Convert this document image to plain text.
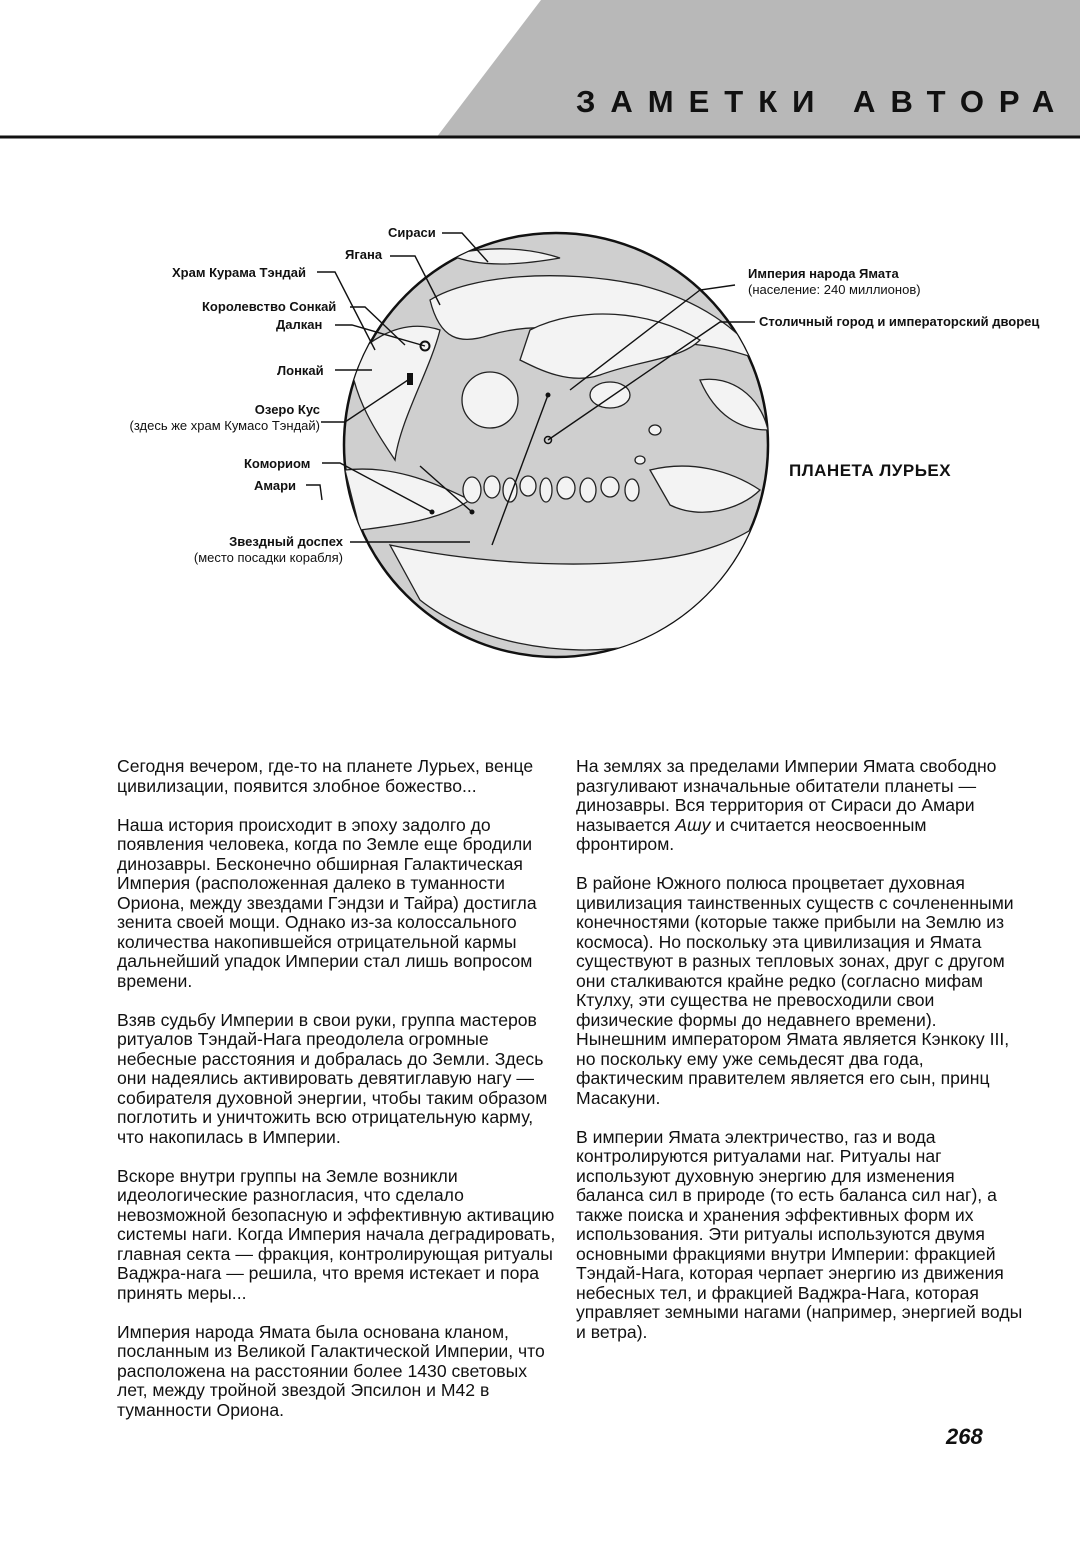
ЗАМЕТКИ АВТОРА
Сираси
Ягана
Храм Курама Тэндай
Королевство Сонкай
Далкан
Лонкай
Озеро Кус
(здесь же храм Кумасо Тэндай)
Комориом
Амари
Звездный доспех
(место посадки корабля)
Империя народа Ямата
(население: 240 миллионов)
Столичный город и императорский дворец
ПЛАНЕТА ЛУРЬЕХ

Сегодня вечером, где-то на планете Лурьех, венце цивилизации, появится злобное божество...

Наша история происходит в эпоху задолго до появления человека, когда по Земле еще бродили динозавры. Бесконечно обширная Галактическая Империя (расположенная далеко в туманности Ориона, между звездами Гэндзи и Тайра) достигла зенита своей мощи. Однако из-за колоссального количества накопившейся отрицательной кармы дальнейший упадок Империи стал лишь вопросом времени.

Взяв судьбу Империи в свои руки, группа мастеров ритуалов Тэндай-Нага преодолела огромные небесные расстояния и добралась до Земли. Здесь они надеялись активировать девятиглавую нагу — собирателя духовной энергии, чтобы таким образом поглотить и уничтожить всю отрицательную карму, что накопилась в Империи.

Вскоре внутри группы на Земле возникли идеологические разногласия, что сделало невозможной безопасную и эффективную активацию системы наги. Когда Империя начала деградировать, главная секта — фракция, контролирующая ритуалы Ваджра-нага — решила, что время истекает и пора принять меры...

Империя народа Ямата была основана кланом, посланным из Великой Галактической Империи, что расположена на расстоянии более 1430 световых лет, между тройной звездой Эпсилон и М42 в туманности Ориона.

На землях за пределами Империи Ямата свободно разгуливают изначальные обитатели планеты — динозавры. Вся территория от Сираси до Амари называется Ашу и считается неосвоенным фронтиром.

В районе Южного полюса процветает духовная цивилизация таинственных существ с сочлененными конечностями (которые также прибыли на Землю из космоса). Но поскольку эта цивилизация и Ямата существуют в разных тепловых зонах, друг с другом они сталкиваются крайне редко (согласно мифам Ктулху, эти существа не превосходили свои физические формы до недавнего времени). Нынешним императором Ямата является Кэнкоку III, но поскольку ему уже семьдесят два года, фактическим правителем является его сын, принц Масакуни.

В империи Ямата электричество, газ и вода контролируются ритуалами наг. Ритуалы наг используют духовную энергию для изменения баланса сил в природе (то есть баланса сил наг), а также поиска и хранения эффективных форм их использования. Эти ритуалы используются двумя основными фракциями внутри Империи: фракцией Тэндай-Нага, которая черпает энергию из движения небесных тел, и фракцией Ваджра-Нага, которая управляет земными нагами (например, энергией воды и ветра).

268
